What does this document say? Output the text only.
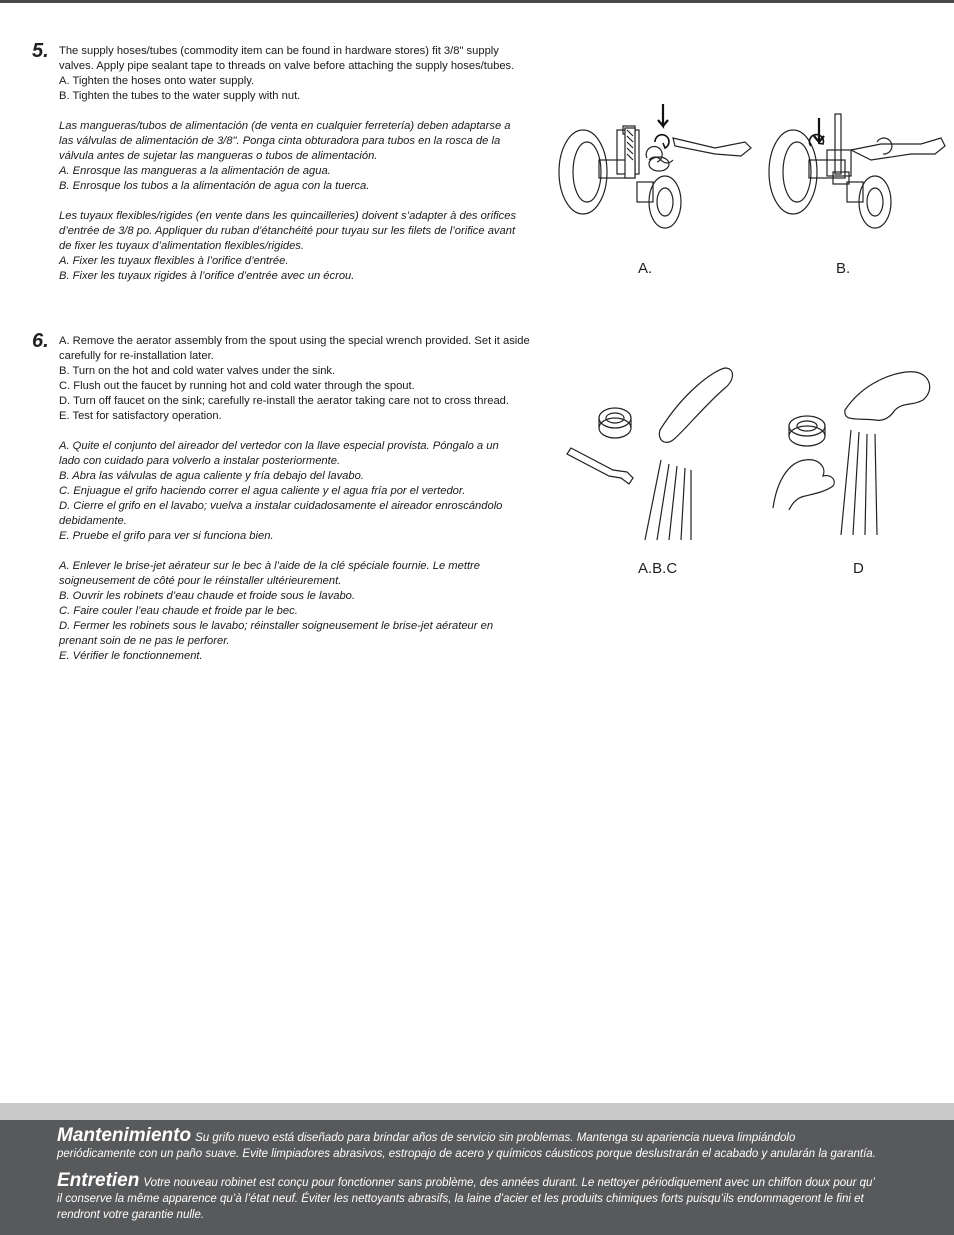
5. The supply hoses/tubes (commodity item can be found in hardware stores) fit 3/8" supply
valves. Apply pipe sealant tape to threads on valve before attaching the supply hoses/tubes.
A. Tighten the hoses onto water supply.
B. Tighten the tubes to the water supply with nut.
Las mangueras/tubos de alimentación (de venta en cualquier ferretería) deben adaptarse a
las válvulas de alimentación de 3/8". Ponga cinta obturadora para tubos en la rosca de la
válvula antes de sujetar las mangueras o tubos de alimentación.
A. Enrosque las mangueras a la alimentación de agua.
B. Enrosque los tubos a la alimentación de agua con la tuerca.
Les tuyaux flexibles/rigides (en vente dans les quincailleries) doivent s’adapter à des orifices
d’entrée de 3/8 po. Appliquer du ruban d’étanchéité pour tuyau sur les filets de l’orifice avant
de fixer les tuyaux d’alimentation flexibles/rigides.
A. Fixer les tuyaux flexibles à l’orifice d’entrée.
B. Fixer les tuyaux rigides à l’orifice d’entrée avec un écrou.	A.	B.
6. A. Remove the aerator assembly from the spout using the special wrench provided. Set it aside
carefully for re-installation later.
B. Turn on the hot and cold water valves under the sink.
C. Flush out the faucet by running hot and cold water through the spout.
D. Turn off faucet on the sink; carefully re-install the aerator taking care not to cross thread.
E. Test for satisfactory operation.
A. Quite el conjunto del aireador del vertedor con la llave especial provista. Póngalo a un
lado con cuidado para volverlo a instalar posteriormente.
B. Abra las válvulas de agua caliente y fría debajo del lavabo.
C. Enjuague el grifo haciendo correr el agua caliente y el agua fría por el vertedor.
D. Cierre el grifo en el lavabo; vuelva a instalar cuidadosamente el aireador enroscándolo
debidamente.
E. Pruebe el grifo para ver si funciona bien.
A. Enlever le brise-jet aérateur sur le bec à l’aide de la clé spéciale fournie. Le mettre
soigneusement de côté pour le réinstaller ultérieurement.
B. Ouvrir les robinets d’eau chaude et froide sous le lavabo.
C. Faire couler l’eau chaude et froide par le bec.
D. Fermer les robinets sous le lavabo; réinstaller soigneusement le brise-jet aérateur en
prenant soin de ne pas le perforer.
E. Vérifier le fonctionnement.
A.B.C	D
Mantenimiento Su grifo nuevo está diseñado para brindar años de servicio sin problemas. Mantenga su apariencia nueva limpiándolo
periódicamente con un paño suave. Evite limpiadores abrasivos, estropajo de acero y químicos cáusticos porque deslustrarán el acabado y anularán la garantía.
Entretien Votre nouveau robinet est conçu pour fonctionner sans problème, des années durant. Le nettoyer périodiquement avec un chiffon doux pour qu’
il conserve la même apparence qu’à l’état neuf. Éviter les nettoyants abrasifs, la laine d’acier et les produits chimiques forts puisqu’ils endommageront le fini et
rendront votre garantie nulle.
